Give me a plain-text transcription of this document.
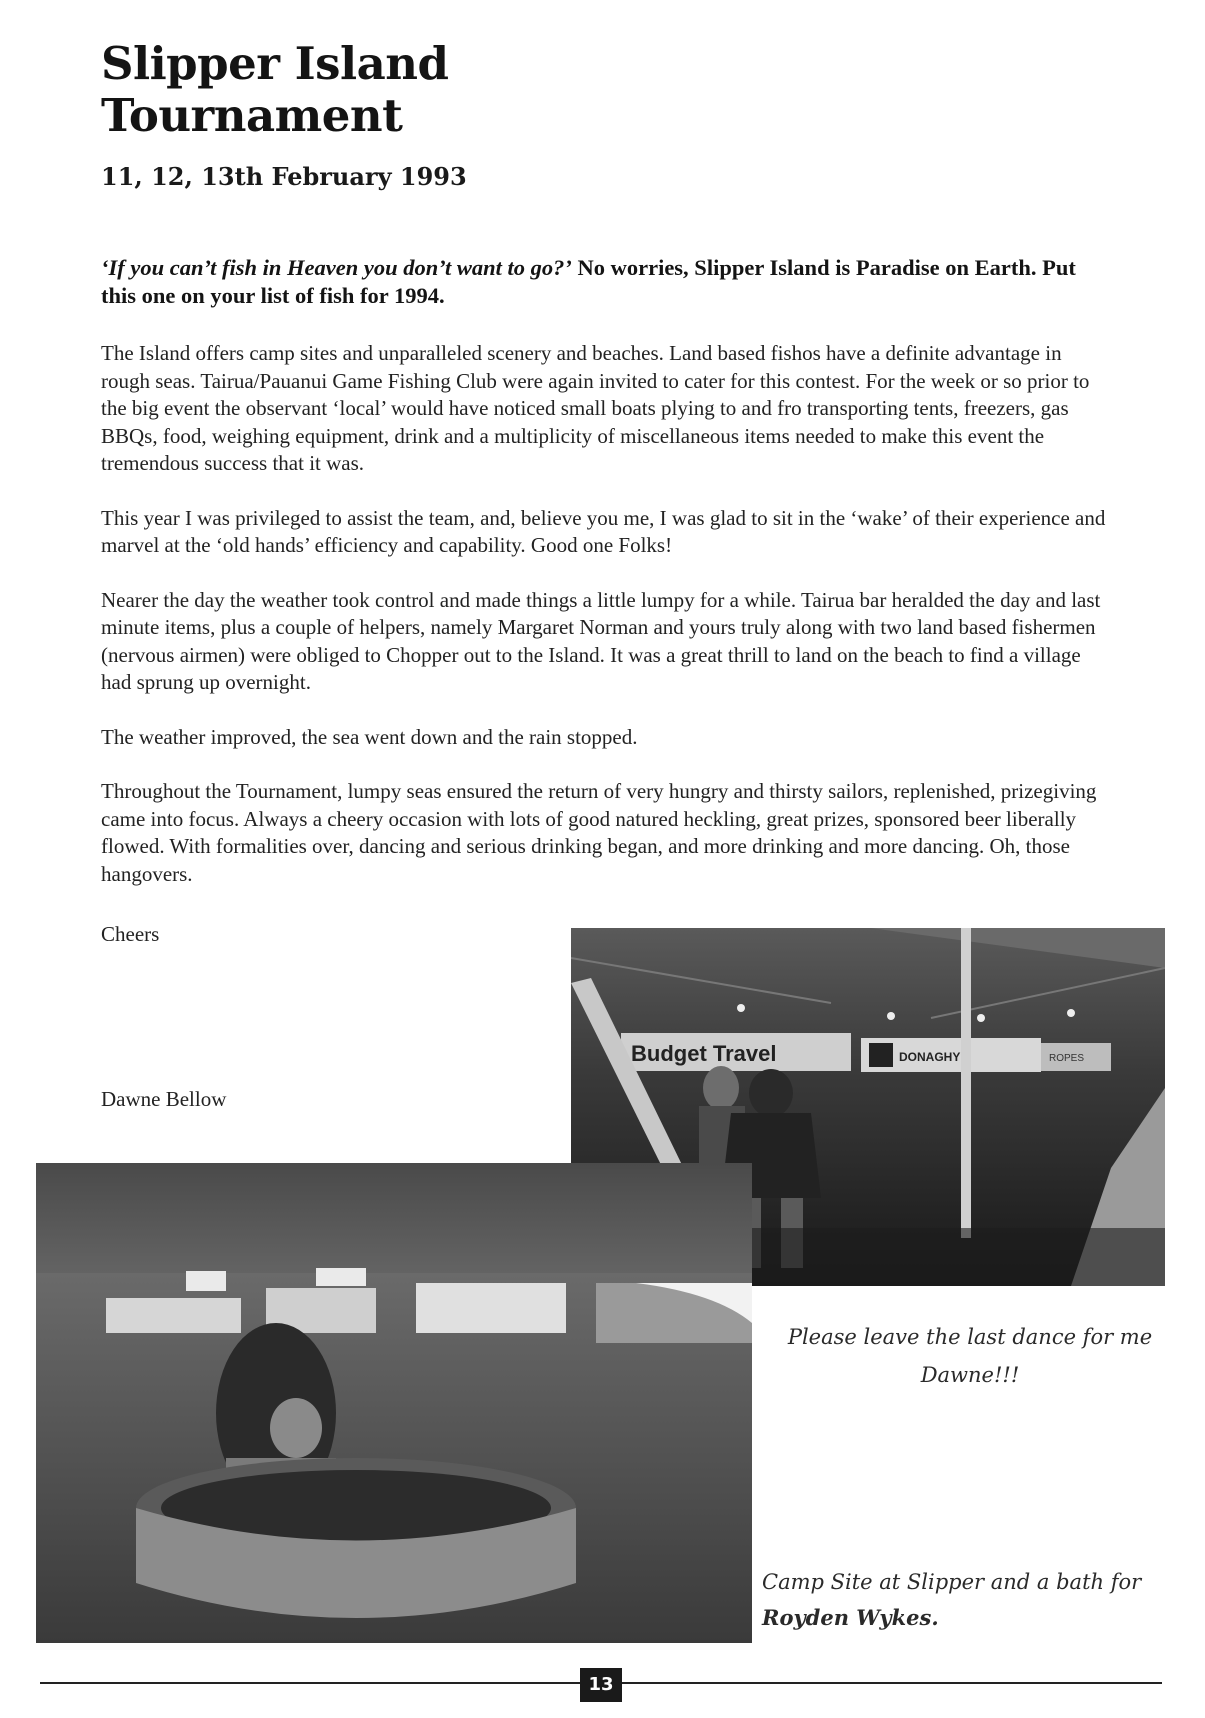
Slipper Island
Tournament

11, 12, 13th February 1993

‘If you can’t fish in Heaven you don’t want to go?’ No worries, Slipper Island is Paradise on Earth. Put this one on your list of fish for 1994.

The Island offers camp sites and unparalleled scenery and beaches. Land based fishos have a definite advantage in rough seas. Tairua/Pauanui Game Fishing Club were again invited to cater for this contest. For the week or so prior to the big event the observant ‘local’ would have noticed small boats plying to and fro transporting tents, freezers, gas BBQs, food, weighing equipment, drink and a multiplicity of miscellaneous items needed to make this event the tremendous success that it was.

This year I was privileged to assist the team, and, believe you me, I was glad to sit in the ‘wake’ of their experience and marvel at the ‘old hands’ efficiency and capability. Good one Folks!

Nearer the day the weather took control and made things a little lumpy for a while. Tairua bar heralded the day and last minute items, plus a couple of helpers, namely Margaret Norman and yours truly along with two land based fishermen (nervous airmen) were obliged to Chopper out to the Island. It was a great thrill to land on the beach to find a village had sprung up overnight.

The weather improved, the sea went down and the rain stopped.

Throughout the Tournament, lumpy seas ensured the return of very hungry and thirsty sailors, replenished, prizegiving came into focus. Always a cheery occasion with lots of good natured heckling, great prizes, sponsored beer liberally flowed. With formalities over, dancing and serious drinking began, and more drinking and more dancing. Oh, those hangovers.

Cheers

Dawne Bellow

Budget Travel	DONAGHY	ROPES
Please leave the last dance for me
Dawne!!!
Camp Site at Slipper and a bath for
Royden Wykes.
13
